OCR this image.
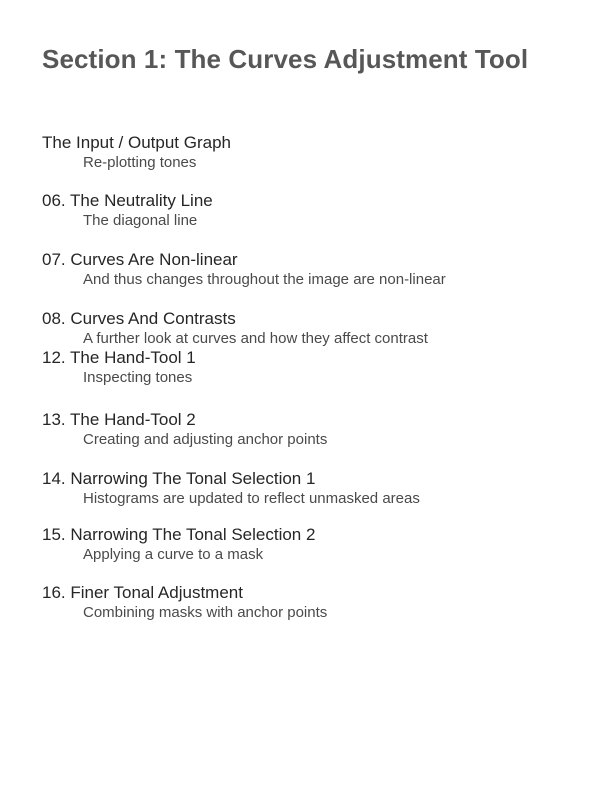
Section 1: The Curves Adjustment Tool
The Input / Output Graph
Re-plotting tones
06. The Neutrality Line
The diagonal line
07. Curves Are Non-linear
And thus changes throughout the image are non-linear
08. Curves And Contrasts
A further look at curves and how they affect contrast
12. The Hand-Tool 1
Inspecting tones
13. The Hand-Tool 2
Creating and adjusting anchor points
14. Narrowing The Tonal Selection 1
Histograms are updated to reflect unmasked areas
15. Narrowing The Tonal Selection 2
Applying a curve to a mask
16. Finer Tonal Adjustment
Combining masks with anchor points
